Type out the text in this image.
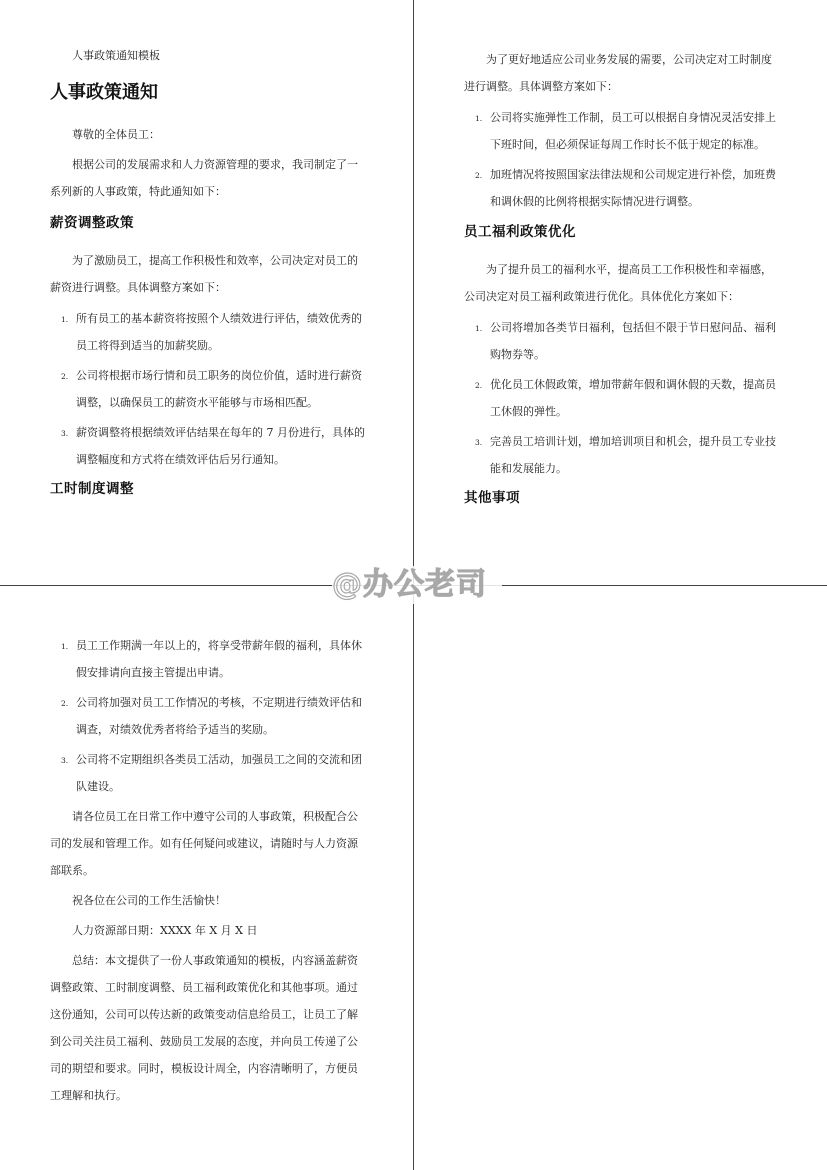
人事政策通知模板
人事政策通知

尊敬的全体员工：

根据公司的发展需求和人力资源管理的要求，我司制定了一系列新的人事政策，特此通知如下：

薪资调整政策

为了激励员工，提高工作积极性和效率，公司决定对员工的薪资进行调整。具体调整方案如下：

1. 所有员工的基本薪资将按照个人绩效进行评估，绩效优秀的员工将得到适当的加薪奖励。
2. 公司将根据市场行情和员工职务的岗位价值，适时进行薪资调整，以确保员工的薪资水平能够与市场相匹配。
3. 薪资调整将根据绩效评估结果在每年的 7 月份进行，具体的调整幅度和方式将在绩效评估后另行通知。
工时制度调整

为了更好地适应公司业务发展的需要，公司决定对工时制度进行调整。具体调整方案如下：

1. 公司将实施弹性工作制，员工可以根据自身情况灵活安排上下班时间，但必须保证每周工作时长不低于规定的标准。
2. 加班情况将按照国家法律法规和公司规定进行补偿，加班费和调休假的比例将根据实际情况进行调整。
员工福利政策优化

为了提升员工的福利水平，提高员工工作积极性和幸福感，公司决定对员工福利政策进行优化。具体优化方案如下：

1. 公司将增加各类节日福利，包括但不限于节日慰问品、福利购物券等。
2. 优化员工休假政策，增加带薪年假和调休假的天数，提高员工休假的弹性。
3. 完善员工培训计划，增加培训项目和机会，提升员工专业技能和发展能力。
其他事项
1. 员工工作期满一年以上的，将享受带薪年假的福利，具体休假安排请向直接主管提出申请。
2. 公司将加强对员工工作情况的考核，不定期进行绩效评估和调查，对绩效优秀者将给予适当的奖励。
3. 公司将不定期组织各类员工活动，加强员工之间的交流和团队建设。

请各位员工在日常工作中遵守公司的人事政策，积极配合公司的发展和管理工作。如有任何疑问或建议，请随时与人力资源部联系。

祝各位在公司的工作生活愉快！

人力资源部日期：XXXX 年 X 月 X 日

总结：本文提供了一份人事政策通知的模板，内容涵盖薪资调整政策、工时制度调整、员工福利政策优化和其他事项。通过这份通知，公司可以传达新的政策变动信息给员工，让员工了解到公司关注员工福利、鼓励员工发展的态度，并向员工传递了公司的期望和要求。同时，模板设计周全，内容清晰明了，方便员工理解和执行。

@办公老司
